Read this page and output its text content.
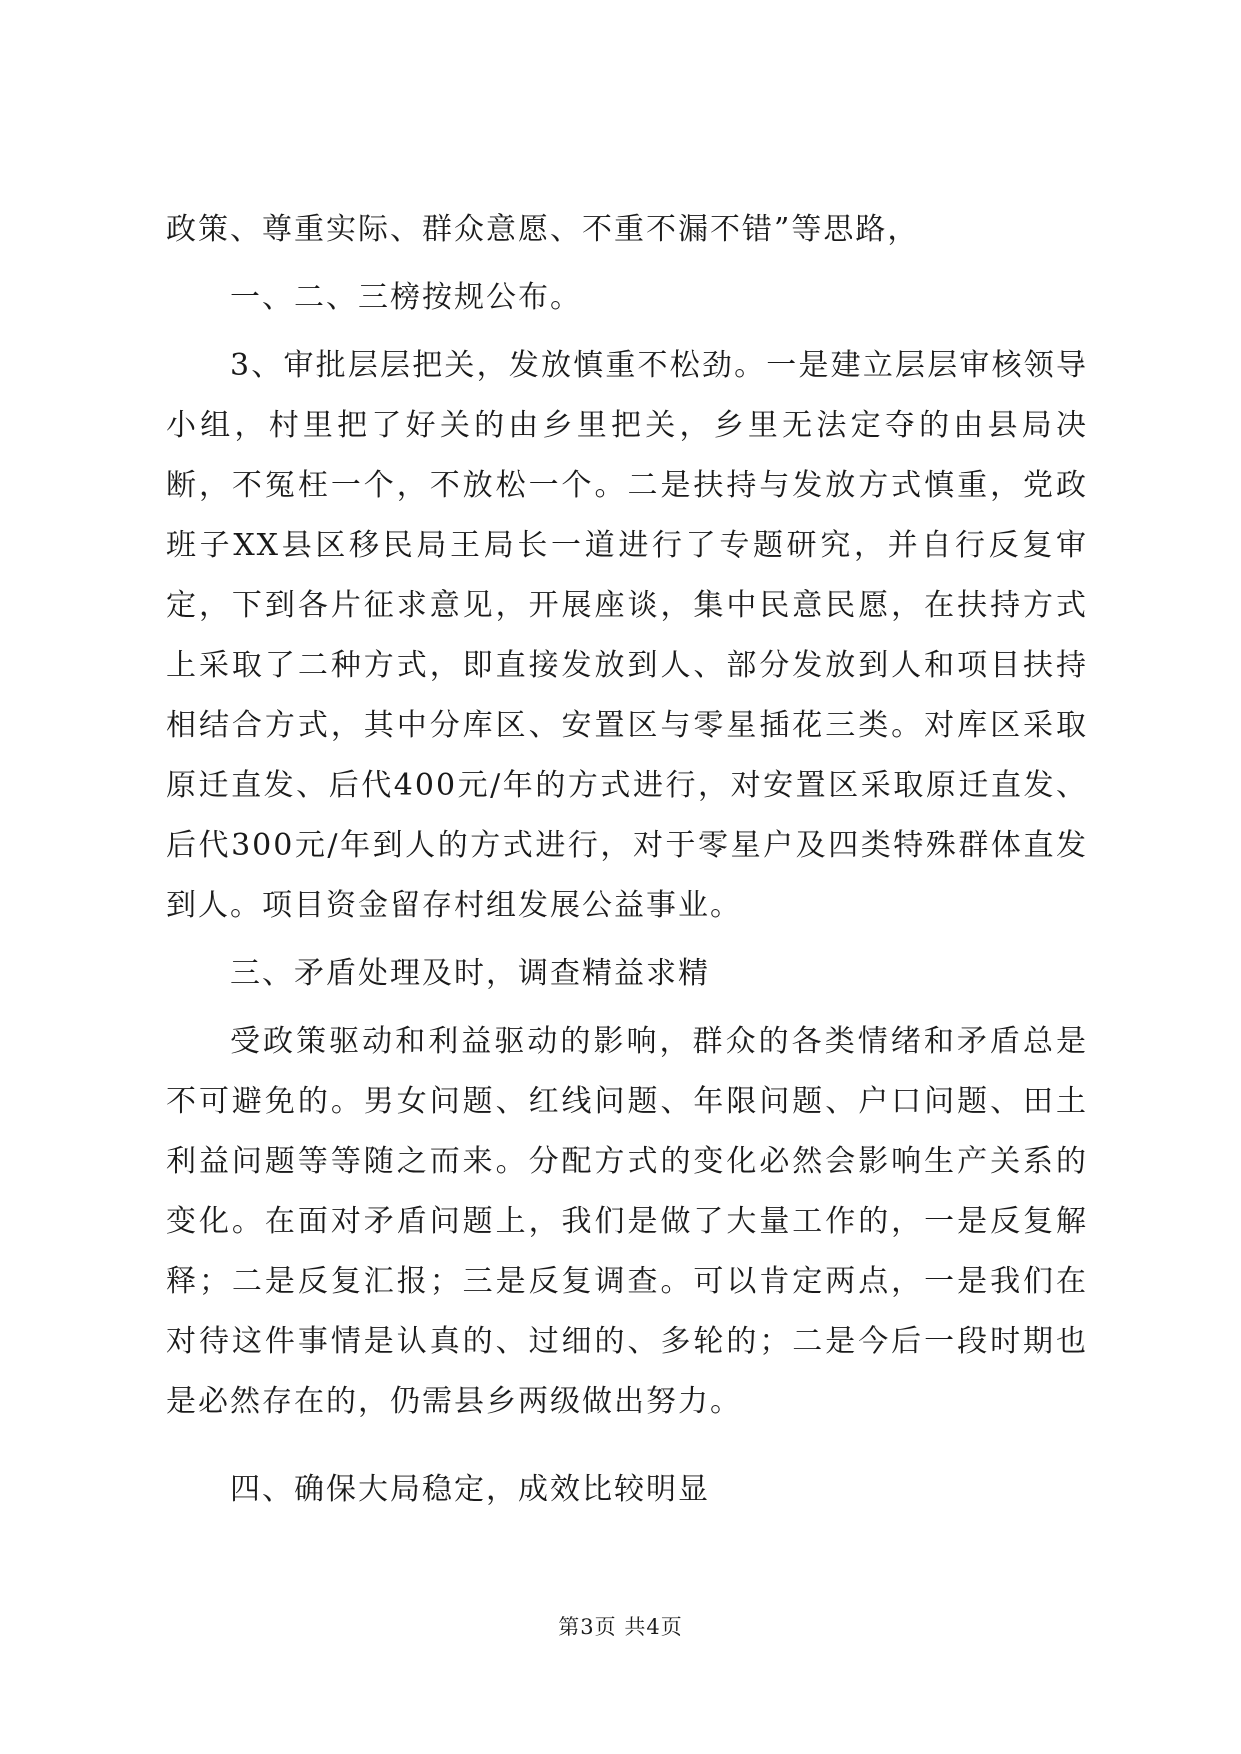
政策、尊重实际、群众意愿、不重不漏不错”等思路，

一、二、三榜按规公布。

3、审批层层把关，发放慎重不松劲。一是建立层层审核领导小组，村里把了好关的由乡里把关，乡里无法定夺的由县局决断，不冤枉一个，不放松一个。二是扶持与发放方式慎重，党政班子XX县区移民局王局长一道进行了专题研究，并自行反复审定，下到各片征求意见，开展座谈，集中民意民愿，在扶持方式上采取了二种方式，即直接发放到人、部分发放到人和项目扶持相结合方式，其中分库区、安置区与零星插花三类。对库区采取原迁直发、后代400元/年的方式进行，对安置区采取原迁直发、后代300元/年到人的方式进行，对于零星户及四类特殊群体直发到人。项目资金留存村组发展公益事业。

三、矛盾处理及时，调查精益求精

受政策驱动和利益驱动的影响，群众的各类情绪和矛盾总是不可避免的。男女问题、红线问题、年限问题、户口问题、田土利益问题等等随之而来。分配方式的变化必然会影响生产关系的变化。在面对矛盾问题上，我们是做了大量工作的，一是反复解释；二是反复汇报；三是反复调查。可以肯定两点，一是我们在对待这件事情是认真的、过细的、多轮的；二是今后一段时期也是必然存在的，仍需县乡两级做出努力。

四、确保大局稳定，成效比较明显

第3页 共4页
